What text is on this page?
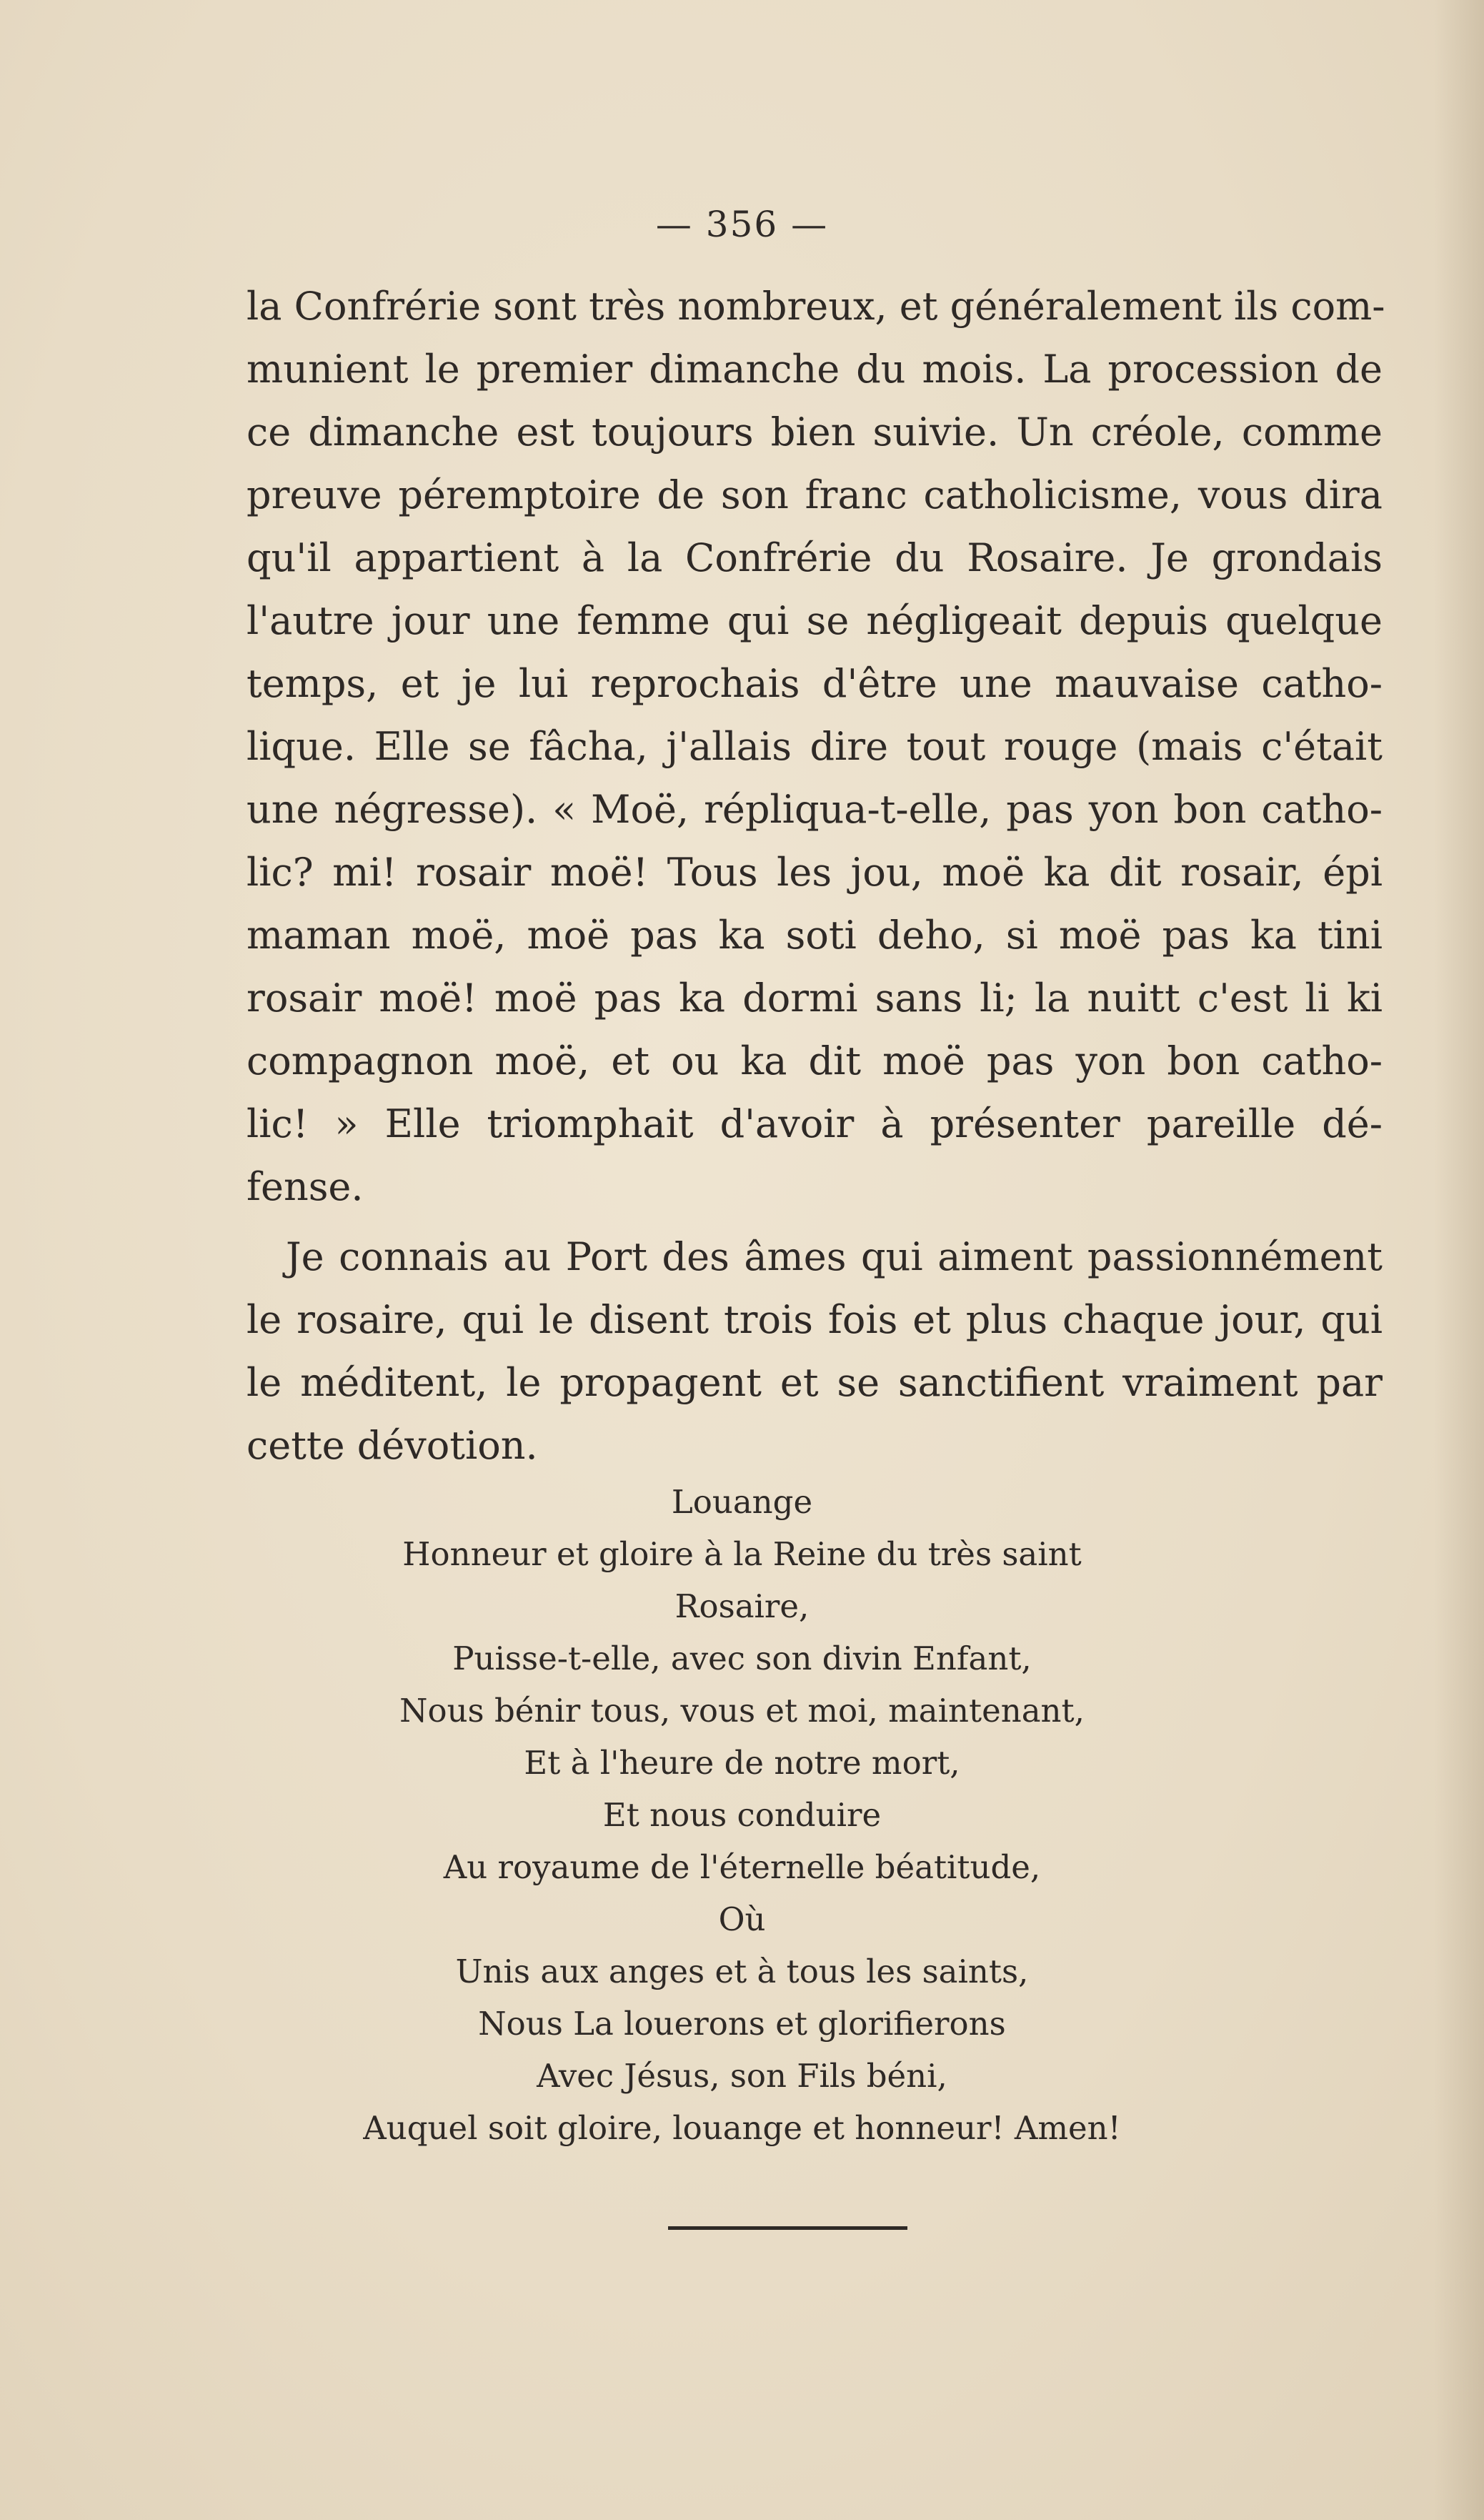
— 356 —
la Confrérie sont très nombreux, et généralement ils com-
munient le premier dimanche du mois. La procession de
ce dimanche est toujours bien suivie. Un créole, comme
preuve péremptoire de son franc catholicisme, vous dira
qu'il appartient à la Confrérie du Rosaire. Je grondais
l'autre jour une femme qui se négligeait depuis quelque
temps, et je lui reprochais d'être une mauvaise catho-
lique. Elle se fâcha, j'allais dire tout rouge (mais c'était
une négresse). « Moë, répliqua-t-elle, pas yon bon catho-
lic? mi! rosair moë! Tous les jou, moë ka dit rosair, épi
maman moë, moë pas ka soti deho, si moë pas ka tini
rosair moë! moë pas ka dormi sans li; la nuitt c'est li ki
compagnon moë, et ou ka dit moë pas yon bon catho-
lic! » Elle triomphait d'avoir à présenter pareille dé-
fense.
Je connais au Port des âmes qui aiment passionnément
le rosaire, qui le disent trois fois et plus chaque jour, qui
le méditent, le propagent et se sanctifient vraiment par
cette dévotion.
Louange
Honneur et gloire à la Reine du très saint
Rosaire,
Puisse-t-elle, avec son divin Enfant,
Nous bénir tous, vous et moi, maintenant,
Et à l'heure de notre mort,
Et nous conduire
Au royaume de l'éternelle béatitude,
Où
Unis aux anges et à tous les saints,
Nous La louerons et glorifierons
Avec Jésus, son Fils béni,
Auquel soit gloire, louange et honneur! Amen!
